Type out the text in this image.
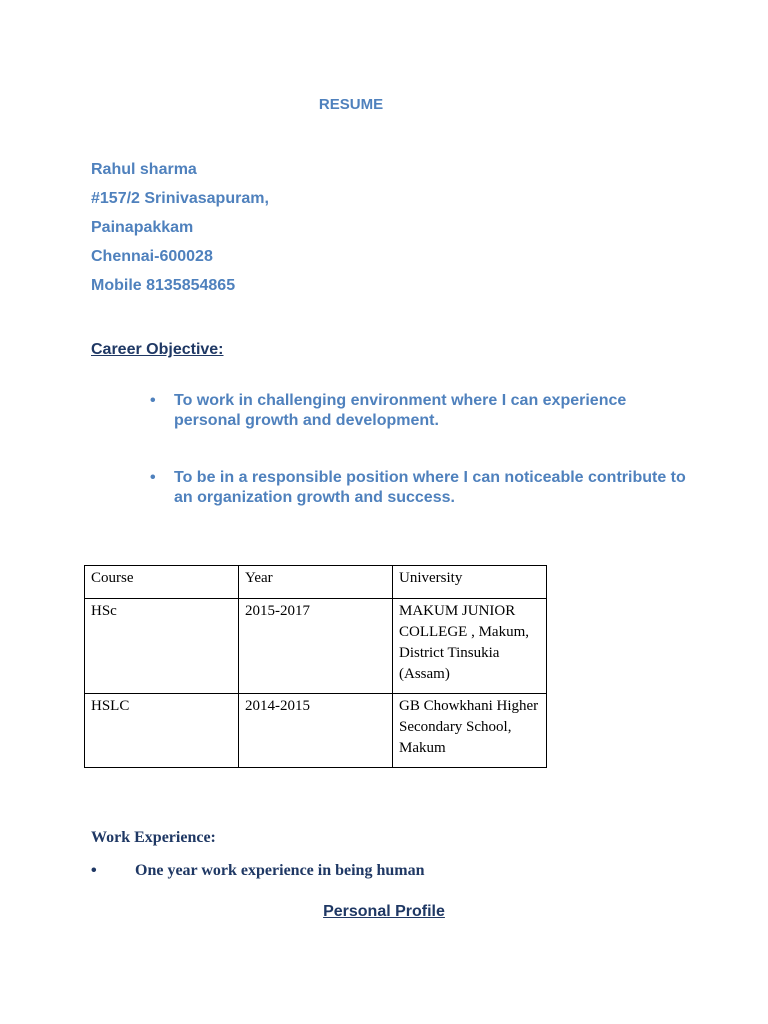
RESUME
Rahul sharma
#157/2 Srinivasapuram,
Painapakkam
Chennai-600028
Mobile 8135854865
Career Objective:
• To work in challenging environment where I can experience personal growth and development.
• To be in a responsible position where I can noticeable contribute to an organization growth and success.
Course	Year	University
HSc	2015-2017	MAKUM JUNIOR COLLEGE , Makum, District Tinsukia (Assam)
HSLC	2014-2015	GB Chowkhani Higher Secondary School, Makum
Work Experience:
• One year work experience in being human
Personal Profile
